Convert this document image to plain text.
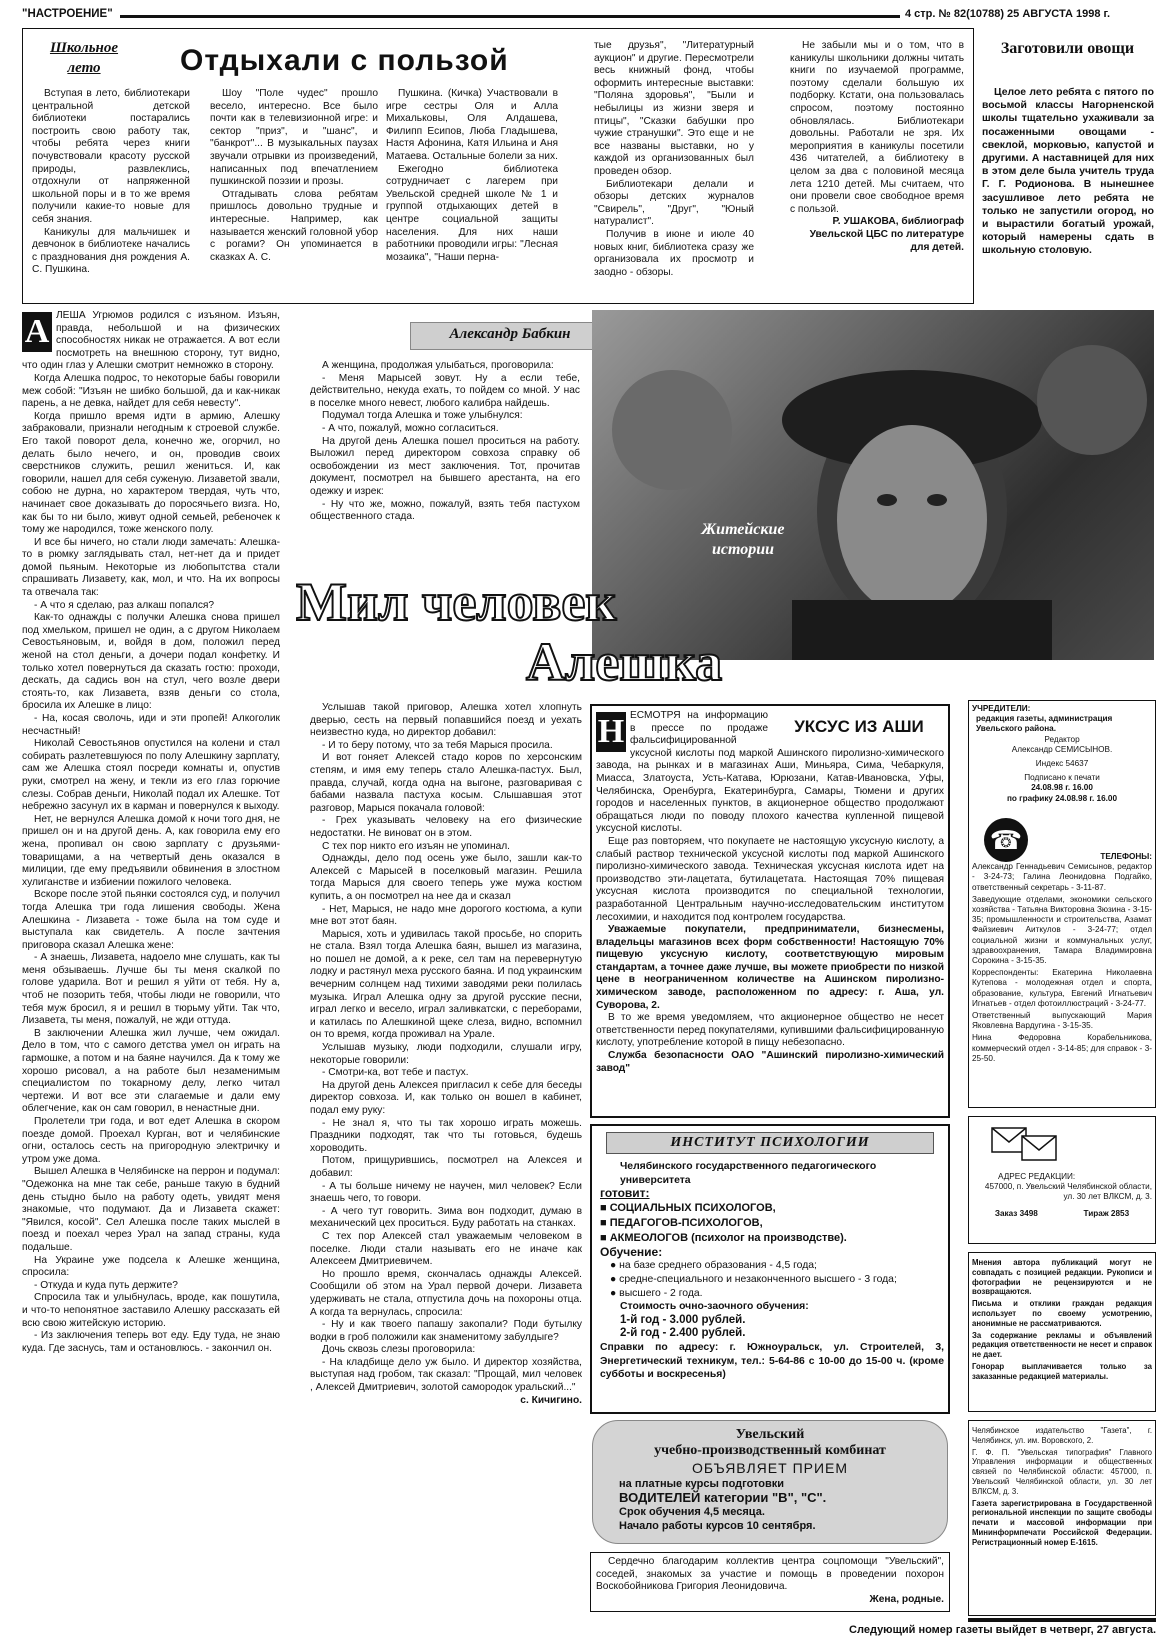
"НАСТРОЕНИЕ"	4 стр. № 82(10788) 25 АВГУСТА 1998 г.
Школьное
лето	Отдыхали с пользой

Вступая в лето, библиотекари центральной детской библиотеки постарались построить свою работу так, чтобы ребята через книги почувствовали красоту русской природы, развлеклись, отдохнули от напряженной школьной поры и в то же время получили какие-то новые для себя знания.

Каникулы для мальчишек и девчонок в библиотеке начались с празднования дня рождения А. С. Пушкина.

Шоу "Поле чудес" прошло весело, интересно. Все было почти как в телевизионной игре: и сектор "приз", и "шанс", и "банкрот"... В музыкальных паузах звучали отрывки из произведений, написанных под впечатлением пушкинской поэзии и прозы.

Отгадывать слова ребятам пришлось довольно трудные и интересные. Например, как называется женский головной убор с рогами? Он упоминается в сказках А. С.

Пушкина. (Кичка) Участвовали в игре сестры Оля и Алла Михальковы, Оля Алдашева, Филипп Есипов, Люба Гладышева, Настя Афонина, Катя Ильина и Аня Матаева. Остальные болели за них.

Ежегодно библиотека сотрудничает с лагерем при Увельской средней школе № 1 и группой отдыхающих детей в центре социальной защиты населения. Для них наши работники проводили игры: "Лесная мозаика", "Наши перна-

тые друзья", "Литературный аукцион" и другие. Пересмотрели весь книжный фонд, чтобы оформить интересные выставки: "Поляна здоровья", "Были и небылицы из жизни зверя и птицы", "Сказки бабушки про чужие странушки". Это еще и не все названы выставки, но у каждой из организованных был проведен обзор.

Библиотекари делали и обзоры детских журналов "Свирель", "Друг", "Юный натуралист".

Получив в июне и июле 40 новых книг, библиотека сразу же организовала их просмотр и заодно - обзоры.

Не забыли мы и о том, что в каникулы школьники должны читать книги по изучаемой программе, поэтому сделали большую их подборку. Кстати, она пользовалась спросом, поэтому постоянно обновлялась. Библиотекари довольны. Работали не зря. Их мероприятия в каникулы посетили 436 читателей, а библиотеку в целом за два с половиной месяца лета 1210 детей. Мы считаем, что они провели свое свободное время с пользой.

Р. УШАКОВА, библиограф Увельской ЦБС по литературе для детей.

Заготовили овощи

Целое лето ребята с пятого по восьмой классы Нагорненской школы тщательно ухаживали за посаженными овощами - свеклой, морковью, капустой и другими. А наставницей для них в этом деле была учитель труда Г. Г. Родионова. В нынешнее засушливое лето ребята не только не запустили огород, но и вырастили богатый урожай, который намерены сдать в школьную столовую.

А ЛЕША Угрюмов родился с изъяном. Изъян, правда, небольшой и на физических способностях никак не отражается. А вот если посмотреть на внешнюю сторону, тут видно, что один глаз у Алешки смотрит немножко в сторону.

Когда Алешка подрос, то некоторые бабы говорили меж собой: "Изъян не шибко большой, да и как-никак парень, а не девка, найдет для себя невесту".

Когда пришло время идти в армию, Алешку забраковали, признали негодным к строевой службе. Его такой поворот дела, конечно же, огорчил, но делать было нечего, и он, проводив своих сверстников служить, решил жениться. И, как говорили, нашел для себя суженую. Лизаветой звали, собою не дурна, но характером твердая, чуть что, начинает свое доказывать до поросячьего визга. Но, как бы то ни было, живут одной семьей, ребеночек к тому же народился, тоже женского полу.

И все бы ничего, но стали люди замечать: Алешка-то в рюмку заглядывать стал, нет-нет да и придет домой пьяным. Некоторые из любопытства стали спрашивать Лизавету, как, мол, и что. На их вопросы та отвечала так:

- А что я сделаю, раз алкаш попался?

Как-то однажды с получки Алешка снова пришел под хмельком, пришел не один, а с другом Николаем Севостьяновым, и, войдя в дом, положил перед женой на стол деньги, а дочери подал конфетку. И только хотел повернуться да сказать гостю: проходи, дескать, да садись вон на стул, чего возле двери стоять-то, как Лизавета, взяв деньги со стола, бросила их Алешке в лицо:

- На, косая сволочь, иди и эти пропей! Алкоголик несчастный!

Николай Севостьянов опустился на колени и стал собирать разлетевшуюся по полу Алешкину зарплату, сам же Алешка стоял посреди комнаты и, опустив руки, смотрел на жену, и текли из его глаз горючие слезы. Собрав деньги, Николай подал их Алешке. Тот небрежно засунул их в карман и повернулся к выходу.

Нет, не вернулся Алешка домой к ночи того дня, не пришел он и на другой день. А, как говорила ему его жена, пропивал он свою зарплату с друзьями-товарищами, а на четвертый день оказался в милиции, где ему предъявили обвинения в злостном хулиганстве и избиении пожилого человека.

Вскоре после этой пьянки состоялся суд, и получил тогда Алешка три года лишения свободы. Жена Алешкина - Лизавета - тоже была на том суде и выступала как свидетель. А после зачтения приговора сказал Алешка жене:

- А знаешь, Лизавета, надоело мне слушать, как ты меня обзываешь. Лучше бы ты меня скалкой по голове ударила. Вот и решил я уйти от тебя. Ну а, чтоб не позорить тебя, чтобы люди не говорили, что тебя муж бросил, я и решил в тюрьму уйти. Так что, Лизавета, ты меня, пожалуй, не жди оттуда.

В заключении Алешка жил лучше, чем ожидал. Дело в том, что с самого детства умел он играть на гармошке, а потом и на баяне научился. Да к тому же хорошо рисовал, а на работе был незаменимым специалистом по токарному делу, легко читал чертежи. И вот все эти слагаемые и дали ему облегчение, как он сам говорил, в ненастные дни.

Пролетели три года, и вот едет Алешка в скором поезде домой. Проехал Курган, вот и челябинские огни, осталось сесть на пригородную электричку и утром уже дома.

Вышел Алешка в Челябинске на перрон и подумал: "Одежонка на мне так себе, раньше такую в будний день стыдно было на работу одеть, увидят меня знакомые, что подумают. Да и Лизавета скажет: "Явился, косой". Сел Алешка после таких мыслей в поезд и поехал через Урал на запад страны, куда подальше.

На Украине уже подсела к Алешке женщина, спросила:

- Откуда и куда путь держите?

Спросила так и улыбнулась, вроде, как пошутила, и что-то непонятное заставило Алешку рассказать ей всю свою житейскую историю.

- Из заключения теперь вот еду. Еду туда, не знаю куда. Где заснусь, там и остановлюсь. - закончил он.

Александр Бабкин
Житейские
истории

А женщина, продолжая улыбаться, проговорила:

- Меня Марысей зовут. Ну а если тебе, действительно, некуда ехать, то пойдем со мной. У нас в поселке много невест, любого калибра найдешь.

Подумал тогда Алешка и тоже улыбнулся:

- А что, пожалуй, можно согласиться.

На другой день Алешка пошел проситься на работу. Выложил перед директором совхоза справку об освобождении из мест заключения. Тот, прочитав документ, посмотрел на бывшего арестанта, на его одежку и изрек:

- Ну что же, можно, пожалуй, взять тебя пастухом общественного стада.

Мил человек
Алешка

Услышав такой приговор, Алешка хотел хлопнуть дверью, сесть на первый попавшийся поезд и уехать неизвестно куда, но директор добавил:

- И то беру потому, что за тебя Марыся просила.

И вот гоняет Алексей стадо коров по херсонским степям, и имя ему теперь стало Алешка-пастух. Был, правда, случай, когда одна на выгоне, разговаривая с бабами назвала пастуха косым. Слышавшая этот разговор, Марыся покачала головой:

- Грех указывать человеку на его физические недостатки. Не виноват он в этом.

С тех пор никто его изъян не упоминал.

Однажды, дело под осень уже было, зашли как-то Алексей с Марысей в поселковый магазин. Решила тогда Марыся для своего теперь уже мужа костюм купить, а он посмотрел на нее да и сказал

- Нет, Марыся, не надо мне дорогого костюма, а купи мне вот этот баян.

Марыся, хоть и удивилась такой просьбе, но спорить не стала. Взял тогда Алешка баян, вышел из магазина, но пошел не домой, а к реке, сел там на перевернутую лодку и растянул меха русского баяна. И под украинским вечерним солнцем над тихими заводями реки полилась музыка. Играл Алешка одну за другой русские песни, играл легко и весело, играл заливкатски, с переборами, и катилась по Алешкиной щеке слеза, видно, вспомнил он то время, когда проживал на Урале.

Услышав музыку, люди подходили, слушали игру, некоторые говорили:

- Смотри-ка, вот тебе и пастух.

На другой день Алексея пригласил к себе для беседы директор совхоза. И, как только он вошел в кабинет, подал ему руку:

- Не знал я, что ты так хорошо играть можешь. Праздники подходят, так что ты готовься, будешь хороводить.

Потом, прищурившись, посмотрел на Алексея и добавил:

- А ты больше ничему не научен, мил человек? Если знаешь чего, то говори.

- А чего тут говорить. Зима вон подходит, думаю в механический цех проситься. Буду работать на станках.

С тех пор Алексей стал уважаемым человеком в поселке. Люди стали называть его не иначе как Алексеем Дмитриевичем.

Но прошло время, скончалась однажды Алексей. Сообщили об этом на Урал первой дочери. Лизавета удерживать не стала, отпустила дочь на похороны отца. А когда та вернулась, спросила:

- Ну и как твоего папашу закопали? Поди бутылку водки в гроб положили как знаменитому забулдыге?

Дочь сквозь слезы проговорила:

- На кладбище дело уж было. И директор хозяйства, выступая над гробом, так сказал: "Прощай, мил человек , Алексей Дмитриевич, золотой самородок уральский..."

с. Кичигино.

Н	УКСУС ИЗ АШИ

ЕСМОТРЯ на информацию в прессе по продаже фальсифицированной уксусной кислоты под маркой Ашинского пиролизно-химического завода, на рынках и в магазинах Аши, Миньяра, Сима, Чебаркуля, Миасса, Златоуста, Усть-Катава, Юрюзани, Катав-Ивановска, Уфы, Челябинска, Оренбурга, Екатеринбурга, Самары, Тюмени и других городов и населенных пунктов, в акционерное общество продолжают обращаться люди по поводу плохого качества купленной пищевой уксусной кислоты.

Еще раз повторяем, что покупаете не настоящую уксусную кислоту, а слабый раствор технической уксусной кислоты под маркой Ашинского пиролизно-химического завода. Техническая уксусная кислота идет на производство эти-лацетата, бутилацетата. Настоящая 70% пищевая уксусная кислота производится по специальной технологии, разработанной Центральным научно-исследовательским институтом лесохимии, и находится под контролем государства.

Уважаемые покупатели, предприниматели, бизнесмены, владельцы магазинов всех форм собственности! Настоящую 70% пищевую уксусную кислоту, соответствующую мировым стандартам, а точнее даже лучше, вы можете приобрести по низкой цене в неограниченном количестве на Ашинском пиролизно-химическом заводе, расположенном по адресу: г. Аша, ул. Суворова, 2.

В то же время уведомляем, что акционерное общество не несет ответственности перед покупателями, купившими фальсифицированную кислоту, употребление которой в пищу небезопасно.

Служба безопасности ОАО "Ашинский пиролизно-химический завод"

ИНСТИТУТ ПСИХОЛОГИИ
Челябинского государственного педагогического университета
готовит:
■ СОЦИАЛЬНЫХ ПСИХОЛОГОВ,
■ ПЕДАГОГОВ-ПСИХОЛОГОВ,
■ АКМЕОЛОГОВ (психолог на производстве).
Обучение:
● на базе среднего образования - 4,5 года;
● средне-специального и незаконченного высшего - 3 года;
● высшего - 2 года.
Стоимость очно-заочного обучения:
1-й год - 3.000 рублей.
2-й год - 2.400 рублей.
Справки по адресу: г. Южноуральск, ул. Строителей, 3, Энергетический техникум, тел.: 5-64-86 с 10-00 до 15-00 ч. (кроме субботы и воскресенья)
Увельский
учебно-производственный комбинат
ОБЪЯВЛЯЕТ ПРИЕМ
на платные курсы подготовки
ВОДИТЕЛЕЙ категории "В", "С".
Срок обучения 4,5 месяца.
Начало работы курсов 10 сентября.
Сердечно благодарим коллектив центра соцпомощи "Увельский", соседей, знакомых за участие и помощь в проведении похорон Воскобойникова Григория Леонидовича.
Жена, родные.
УЧРЕДИТЕЛИ:
редакция газеты, администрация Увельского района.
Редактор
Александр СЕМИСЫНОВ.
Индекс 54637
Подписано к печати
24.08.98 г. 16.00
по графику 24.08.98 г. 16.00
☎
ТЕЛЕФОНЫ:

Александр Геннадьевич Семисынов, редактор - 3-24-73; Галина Леонидовна Подгайко, ответственный секретарь - 3-11-87.

Заведующие отделами, экономики сельского хозяйства - Татьяна Викторовна Зюзина - 3-15-35; промышленности и строительства, Азамат Файзиевич Аиткулов - 3-24-77; отдел социальной жизни и коммунальных услуг, здравоохранения, Тамара Владимировна Сорокина - 3-15-35.

Корреспонденты: Екатерина Николаевна Кутепова - молодежная отдел и спорта, образование, культура, Евгений Игнатьевич Игнатьев - отдел фотоиллюстраций - 3-24-77.

Ответственный выпускающий Мария Яковлевна Вардугина - 3-15-35.

Нина Федоровна Корабельникова, коммерческий отдел - 3-14-85; для справок - 3-25-50.

АДРЕС РЕДАКЦИИ:
457000, п. Увельский Челябинской области, ул. 30 лет ВЛКСМ, д. 3.
Заказ 3498	Тираж 2853

Мнения автора публикаций могут не совпадать с позицией редакции. Рукописи и фотографии не рецензируются и не возвращаются.

Письма и отклики граждан редакция использует по своему усмотрению, анонимные не рассматриваются.

За содержание рекламы и объявлений редакция ответственности не несет и справок не дает.

Гонорар выплачивается только за заказанные редакцией материалы.

Челябинское издательство "Газета", г. Челябинск, ул. им. Воровского, 2.

Г. Ф. П. "Увельская типография" Главного Управления информации и общественных связей по Челябинской области: 457000, п. Увельский Челябинской области, ул. 30 лет ВЛКСМ, д. 3.

Газета зарегистрирована в Государственной региональной инспекции по защите свободы печати и массовой информации при Мининформпечати Российской Федерации. Регистрационный номер Е-1615.

Следующий номер газеты выйдет в четверг, 27 августа.
